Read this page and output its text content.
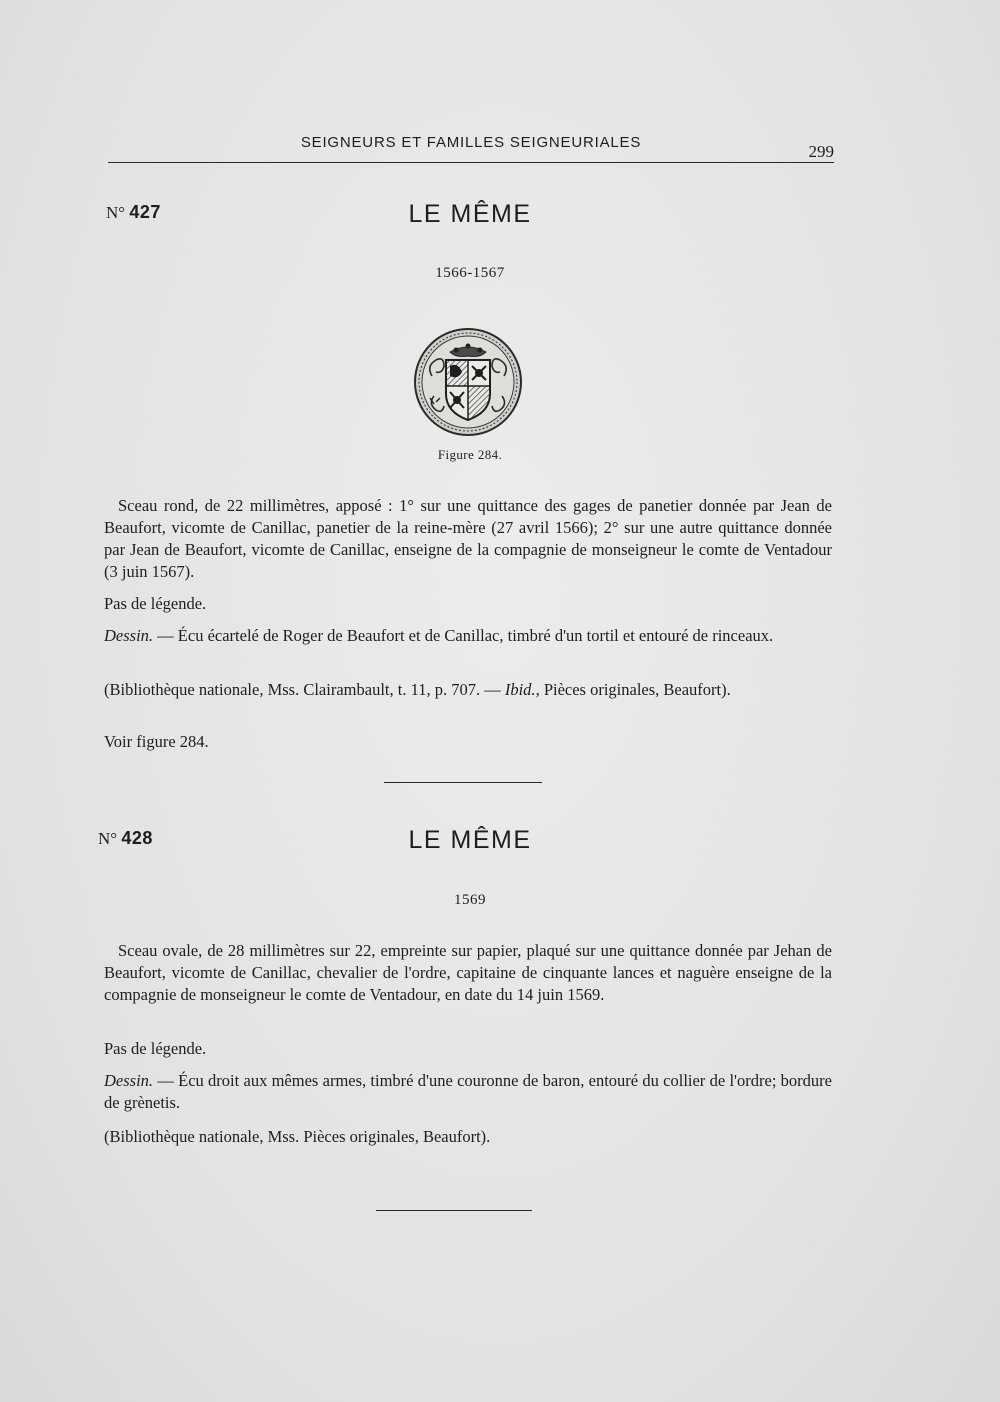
SEIGNEURS ET FAMILLES SEIGNEURIALES	299
N° 427	LE MÊME
1566-1567
Figure 284.

Sceau rond, de 22 millimètres, apposé : 1° sur une quittance des gages de panetier donnée par Jean de Beaufort, vicomte de Canillac, panetier de la reine-mère (27 avril 1566); 2° sur une autre quittance donnée par Jean de Beaufort, vicomte de Canillac, enseigne de la compagnie de monseigneur le comte de Ventadour (3 juin 1567).

Pas de légende.

Dessin. — Écu écartelé de Roger de Beaufort et de Canillac, timbré d'un tortil et entouré de rinceaux.

(Bibliothèque nationale, Mss. Clairambault, t. 11, p. 707. — Ibid., Pièces originales, Beaufort).

Voir figure 284.

N° 428	LE MÊME
1569

Sceau ovale, de 28 millimètres sur 22, empreinte sur papier, plaqué sur une quittance donnée par Jehan de Beaufort, vicomte de Canillac, chevalier de l'ordre, capitaine de cinquante lances et naguère enseigne de la compagnie de monseigneur le comte de Ventadour, en date du 14 juin 1569.

Pas de légende.

Dessin. — Écu droit aux mêmes armes, timbré d'une couronne de baron, entouré du collier de l'ordre; bordure de grènetis.

(Bibliothèque nationale, Mss. Pièces originales, Beaufort).
